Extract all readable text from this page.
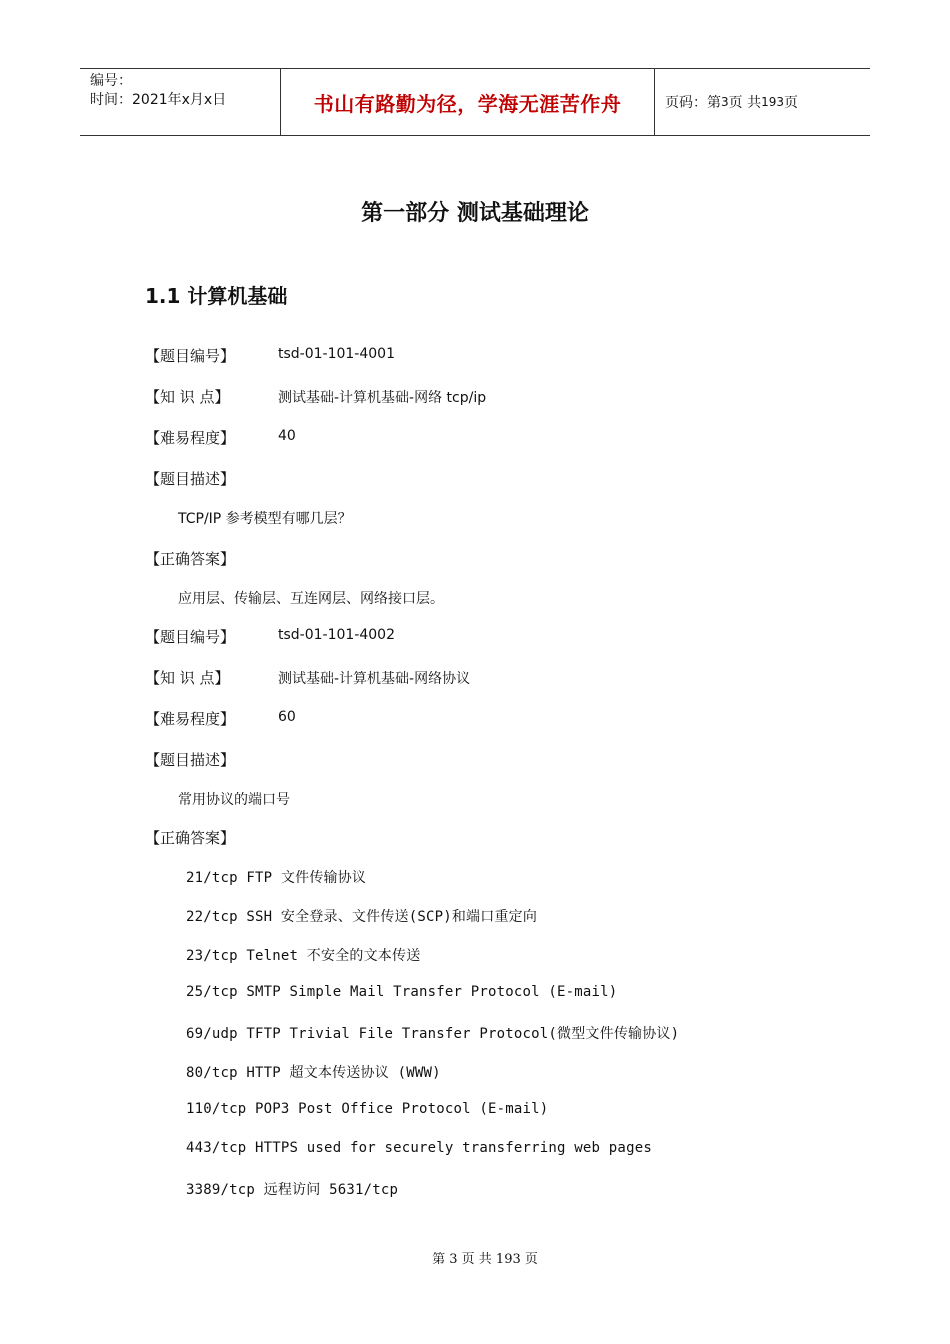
编号：
时间：2021年x月x日	书山有路勤为径，学海无涯苦作舟	页码：第 3 页 共 193 页
第一部分 测试基础理论
1.1 计算机基础
【题目编号】	tsd-01-101-4001
【知 识 点】	测试基础-计算机基础-网络 tcp/ip
【难易程度】	40
【题目描述】
TCP/IP 参考模型有哪几层？
【正确答案】
应用层、传输层、互连网层、网络接口层。
【题目编号】	tsd-01-101-4002
【知 识 点】	测试基础-计算机基础-网络协议
【难易程度】	60
【题目描述】
常用协议的端口号
【正确答案】
21/tcp FTP 文件传输协议
22/tcp SSH 安全登录、文件传送(SCP)和端口重定向
23/tcp Telnet 不安全的文本传送
25/tcp SMTP Simple Mail Transfer Protocol (E-mail)
69/udp TFTP Trivial File Transfer Protocol(微型文件传输协议)
80/tcp HTTP 超文本传送协议 (WWW)
110/tcp POP3 Post Office Protocol (E-mail)
443/tcp HTTPS used for securely transferring web pages
3389/tcp 远程访问 5631/tcp
第 3 页 共 193 页
